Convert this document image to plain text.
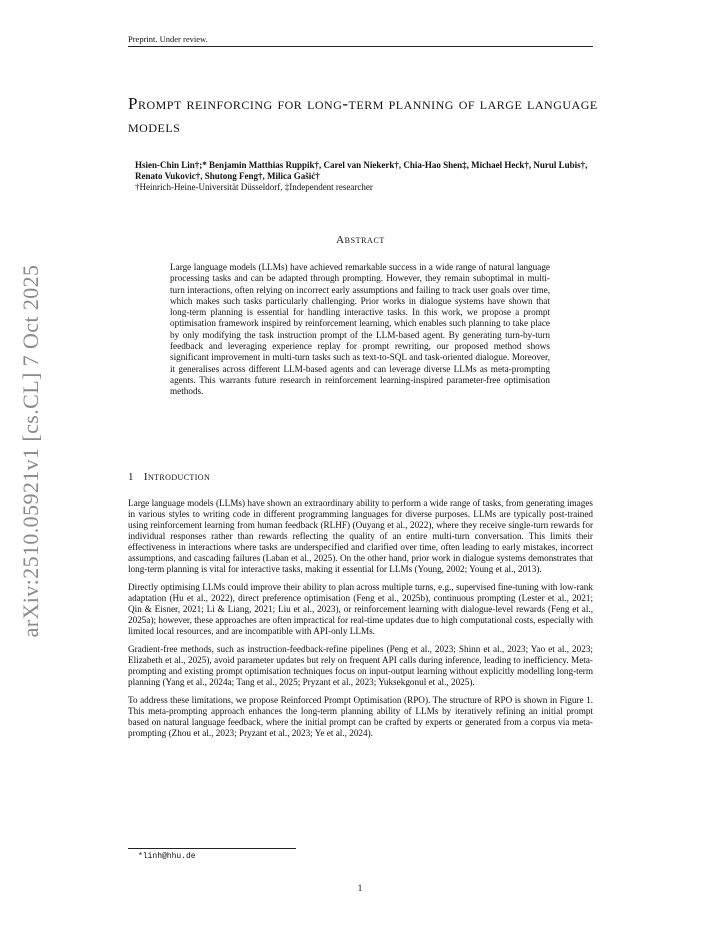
Preprint. Under review.
arXiv:2510.05921v1 [cs.CL] 7 Oct 2025
Prompt reinforcing for long-term planning of large language models
Hsien-Chin Lin†;* Benjamin Matthias Ruppik†, Carel van Niekerk†, Chia-Hao Shen‡, Michael Heck†, Nurul Lubis†, Renato Vukovic†, Shutong Feng†, Milica Gašić†
†Heinrich-Heine-Universität Düsseldorf, ‡Independent researcher
Abstract
Large language models (LLMs) have achieved remarkable success in a wide range of natural language processing tasks and can be adapted through prompting. However, they remain suboptimal in multi-turn interactions, often relying on incorrect early assumptions and failing to track user goals over time, which makes such tasks particularly challenging. Prior works in dialogue systems have shown that long-term planning is essential for handling interactive tasks. In this work, we propose a prompt optimisation framework inspired by reinforcement learning, which enables such planning to take place by only modifying the task instruction prompt of the LLM-based agent. By generating turn-by-turn feedback and leveraging experience replay for prompt rewriting, our proposed method shows significant improvement in multi-turn tasks such as text-to-SQL and task-oriented dialogue. Moreover, it generalises across different LLM-based agents and can leverage diverse LLMs as meta-prompting agents. This warrants future research in reinforcement learning-inspired parameter-free optimisation methods.
1 Introduction

Large language models (LLMs) have shown an extraordinary ability to perform a wide range of tasks, from generating images in various styles to writing code in different programming languages for diverse purposes. LLMs are typically post-trained using reinforcement learning from human feedback (RLHF) (Ouyang et al., 2022), where they receive single-turn rewards for individual responses rather than rewards reflecting the quality of an entire multi-turn conversation. This limits their effectiveness in interactions where tasks are underspecified and clarified over time, often leading to early mistakes, incorrect assumptions, and cascading failures (Laban et al., 2025). On the other hand, prior work in dialogue systems demonstrates that long-term planning is vital for interactive tasks, making it essential for LLMs (Young, 2002; Young et al., 2013).

Directly optimising LLMs could improve their ability to plan across multiple turns, e.g., supervised fine-tuning with low-rank adaptation (Hu et al., 2022), direct preference optimisation (Feng et al., 2025b), continuous prompting (Lester et al., 2021; Qin & Eisner, 2021; Li & Liang, 2021; Liu et al., 2023), or reinforcement learning with dialogue-level rewards (Feng et al., 2025a); however, these approaches are often impractical for real-time updates due to high computational costs, especially with limited local resources, and are incompatible with API-only LLMs.

Gradient-free methods, such as instruction-feedback-refine pipelines (Peng et al., 2023; Shinn et al., 2023; Yao et al., 2023; Elizabeth et al., 2025), avoid parameter updates but rely on frequent API calls during inference, leading to inefficiency. Meta-prompting and existing prompt optimisation techniques focus on input-output learning without explicitly modelling long-term planning (Yang et al., 2024a; Tang et al., 2025; Pryzant et al., 2023; Yuksekgonul et al., 2025).

To address these limitations, we propose Reinforced Prompt Optimisation (RPO). The structure of RPO is shown in Figure 1. This meta-prompting approach enhances the long-term planning ability of LLMs by iteratively refining an initial prompt based on natural language feedback, where the initial prompt can be crafted by experts or generated from a corpus via meta-prompting (Zhou et al., 2023; Pryzant et al., 2023; Ye et al., 2024).

*linh@hhu.de
1
